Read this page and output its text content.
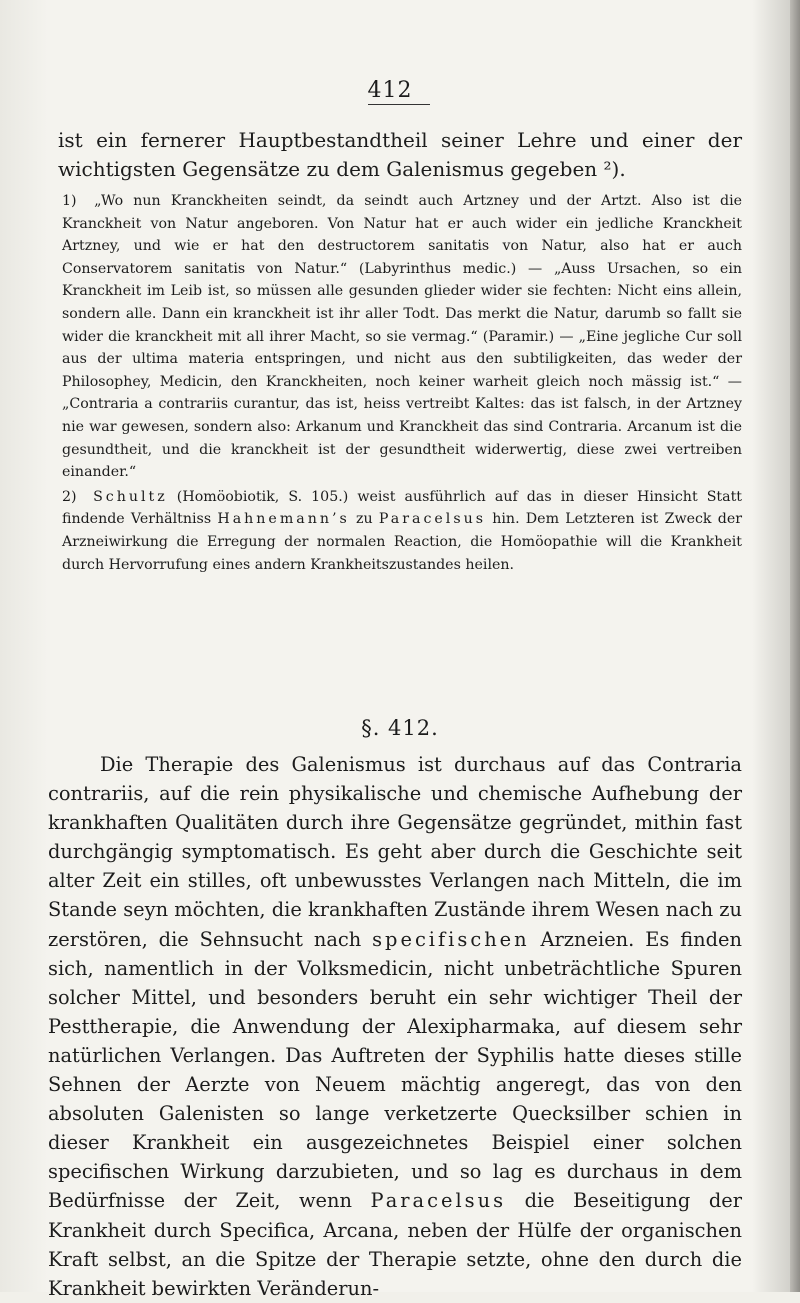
412
ist ein fernerer Hauptbestandtheil seiner Lehre und einer der wichtigsten Gegensätze zu dem Galenismus gegeben ²).
1) „Wo nun Kranckheiten seindt, da seindt auch Artzney und der Artzt. Also ist die Kranckheit von Natur angeboren. Von Natur hat er auch wider ein jedliche Kranckheit Artzney, und wie er hat den destructorem sanitatis von Natur, also hat er auch Conservatorem sanitatis von Natur.“ (Labyrinthus medic.) — „Auss Ursachen, so ein Kranckheit im Leib ist, so müssen alle gesunden glieder wider sie fechten: Nicht eins allein, sondern alle. Dann ein kranckheit ist ihr aller Todt. Das merkt die Natur, darumb so fallt sie wider die kranckheit mit all ihrer Macht, so sie vermag.“ (Paramir.) — „Eine jegliche Cur soll aus der ultima materia entspringen, und nicht aus den subtiligkeiten, das weder der Philosophey, Medicin, den Kranckheiten, noch keiner warheit gleich noch mässig ist.“ — „Contraria a contrariis curantur, das ist, heiss vertreibt Kaltes: das ist falsch, in der Artzney nie war gewesen, sondern also: Arkanum und Kranckheit das sind Contraria. Arcanum ist die gesundtheit, und die kranckheit ist der gesundtheit widerwertig, diese zwei vertreiben einander.“
2) Schultz (Homöobiotik, S. 105.) weist ausführlich auf das in dieser Hinsicht Statt findende Verhältniss Hahnemann’s zu Paracelsus hin. Dem Letzteren ist Zweck der Arzneiwirkung die Erregung der normalen Reaction, die Homöopathie will die Krankheit durch Hervorrufung eines andern Krankheitszustandes heilen.
§. 412.

Die Therapie des Galenismus ist durchaus auf das Contraria contrariis, auf die rein physikalische und chemische Aufhebung der krankhaften Qualitäten durch ihre Gegensätze gegründet, mithin fast durchgängig symptomatisch. Es geht aber durch die Geschichte seit alter Zeit ein stilles, oft unbewusstes Verlangen nach Mitteln, die im Stande seyn möchten, die krankhaften Zustände ihrem Wesen nach zu zerstören, die Sehnsucht nach specifischen Arzneien. Es finden sich, namentlich in der Volksmedicin, nicht unbeträchtliche Spuren solcher Mittel, und besonders beruht ein sehr wichtiger Theil der Pesttherapie, die Anwendung der Alexipharmaka, auf diesem sehr natürlichen Verlangen. Das Auftreten der Syphilis hatte dieses stille Sehnen der Aerzte von Neuem mächtig angeregt, das von den absoluten Galenisten so lange verketzerte Quecksilber schien in dieser Krankheit ein ausgezeichnetes Beispiel einer solchen specifischen Wirkung darzubieten, und so lag es durchaus in dem Bedürfnisse der Zeit, wenn Paracelsus die Beseitigung der Krankheit durch Specifica, Arcana, neben der Hülfe der organischen Kraft selbst, an die Spitze der Therapie setzte, ohne den durch die Krankheit bewirkten Veränderun-
